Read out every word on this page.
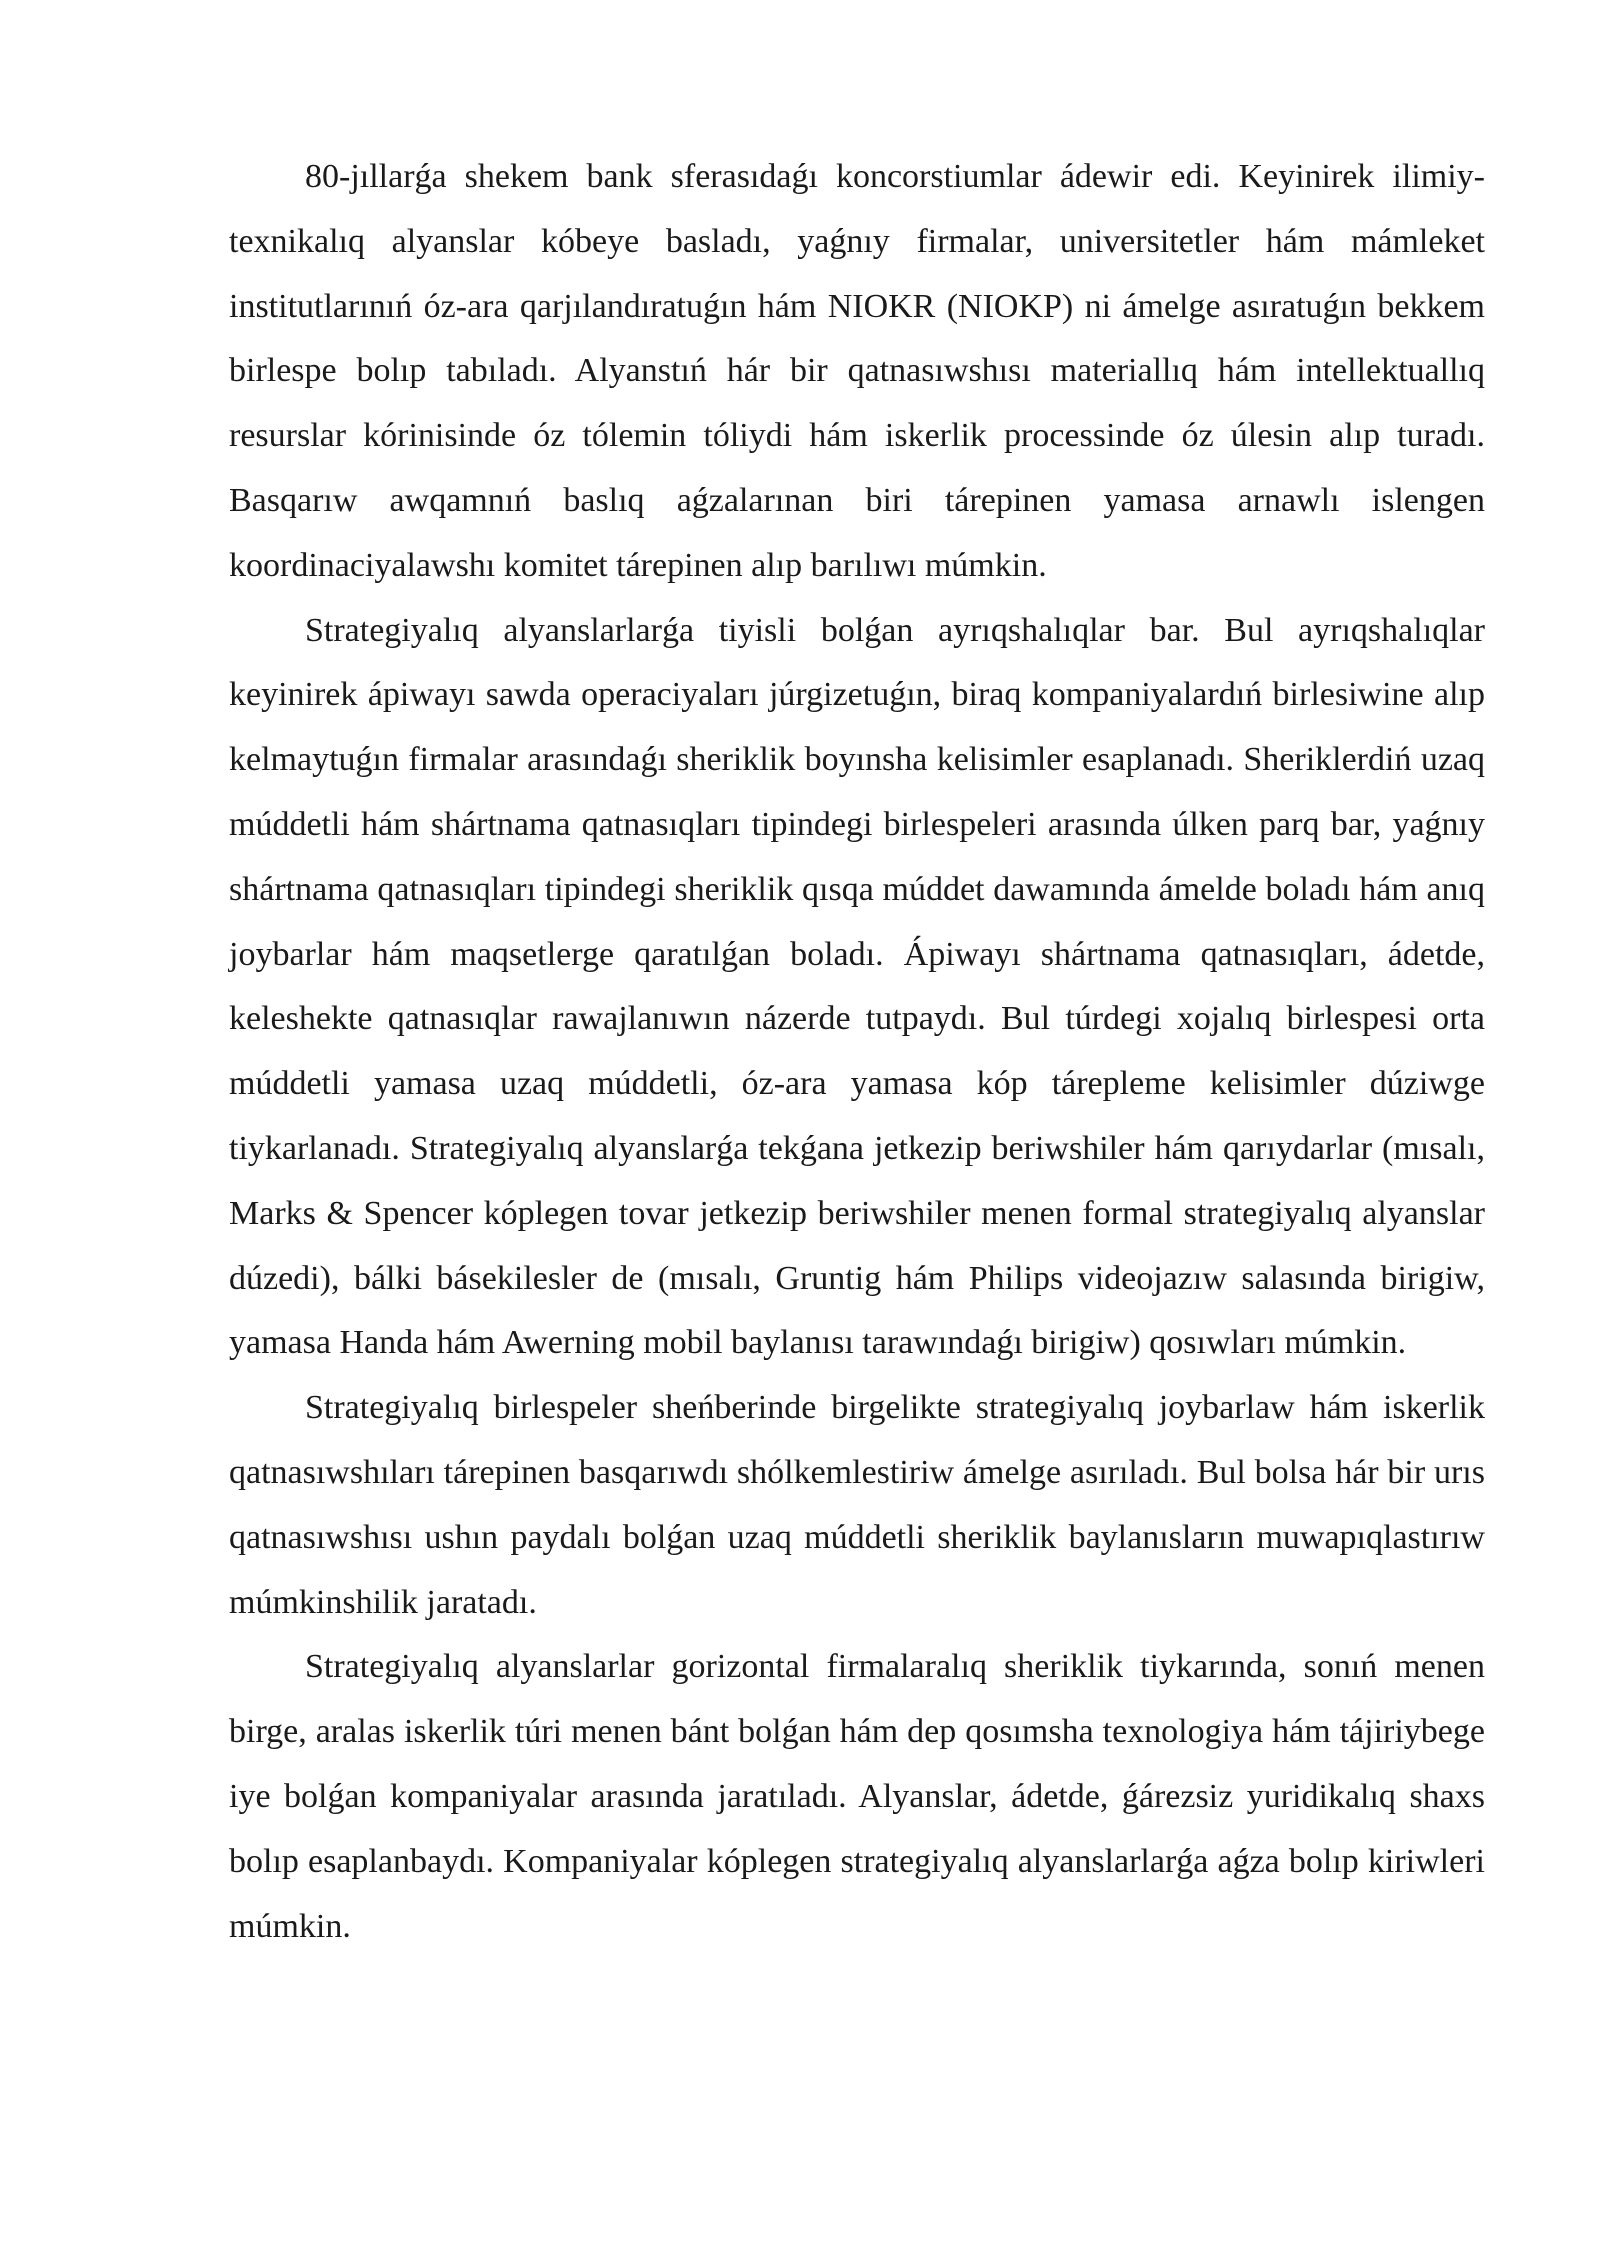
80-jıllarǵa shekem bank sferasıdaǵı koncorstiumlar ádewir edi. Keyinirek ilimiy-texnikalıq alyanslar kóbeye basladı, yaǵnıy firmalar, universitetler hám mámleket institutlarınıń óz-ara qarjılandıratuǵın hám NIOKR (NIOKP) ni ámelge asıratuǵın bekkem birlespe bolıp tabıladı. Alyanstıń hár bir qatnasıwshısı materiallıq hám intellektuallıq resurslar kórinisinde óz tólemin tóliydi hám iskerlik processinde óz úlesin alıp turadı. Basqarıw awqamnıń baslıq aǵzalarınan biri tárepinen yamasa arnawlı islengen koordinaciyalawshı komitet tárepinen alıp barılıwı múmkin.

Strategiyalıq alyanslarlarǵa tiyisli bolǵan ayrıqshalıqlar bar. Bul ayrıqshalıqlar keyinirek ápiwayı sawda operaciyaları júrgizetuǵın, biraq kompaniyalardıń birlesiwine alıp kelmaytuǵın firmalar arasındaǵı sheriklik boyınsha kelisimler esaplanadı. Sheriklerdiń uzaq múddetli hám shártnama qatnasıqları tipindegi birlespeleri arasında úlken parq bar, yaǵnıy shártnama qatnasıqları tipindegi sheriklik qısqa múddet dawamında ámelde boladı hám anıq joybarlar hám maqsetlerge qaratılǵan boladı. Ápiwayı shártnama qatnasıqları, ádetde, keleshekte qatnasıqlar rawajlanıwın názerde tutpaydı. Bul túrdegi xojalıq birlespesi orta múddetli yamasa uzaq múddetli, óz-ara yamasa kóp tárepleme kelisimler dúziwge tiykarlanadı. Strategiyalıq alyanslarǵa tekǵana jetkezip beriwshiler hám qarıydarlar (mısalı, Marks & Spencer kóplegen tovar jetkezip beriwshiler menen formal strategiyalıq alyanslar dúzedi), bálki básekilesler de (mısalı, Gruntig hám Philips videojazıw salasında birigiw, yamasa Handa hám Awerning mobil baylanısı tarawındaǵı birigiw) qosıwları múmkin.

Strategiyalıq birlespeler sheńberinde birgelikte strategiyalıq joybarlaw hám iskerlik qatnasıwshıları tárepinen basqarıwdı shólkemlestiriw ámelge asırıladı. Bul bolsa hár bir urıs qatnasıwshısı ushın paydalı bolǵan uzaq múddetli sheriklik baylanısların muwapıqlastırıw múmkinshilik jaratadı.

Strategiyalıq alyanslarlar gorizontal firmalaralıq sheriklik tiykarında, sonıń menen birge, aralas iskerlik túri menen bánt bolǵan hám dep qosımsha texnologiya hám tájiriybege iye bolǵan kompaniyalar arasında jaratıladı. Alyanslar, ádetde, ǵárezsiz yuridikalıq shaxs bolıp esaplanbaydı. Kompaniyalar kóplegen strategiyalıq alyanslarlarǵa aǵza bolıp kiriwleri múmkin.
